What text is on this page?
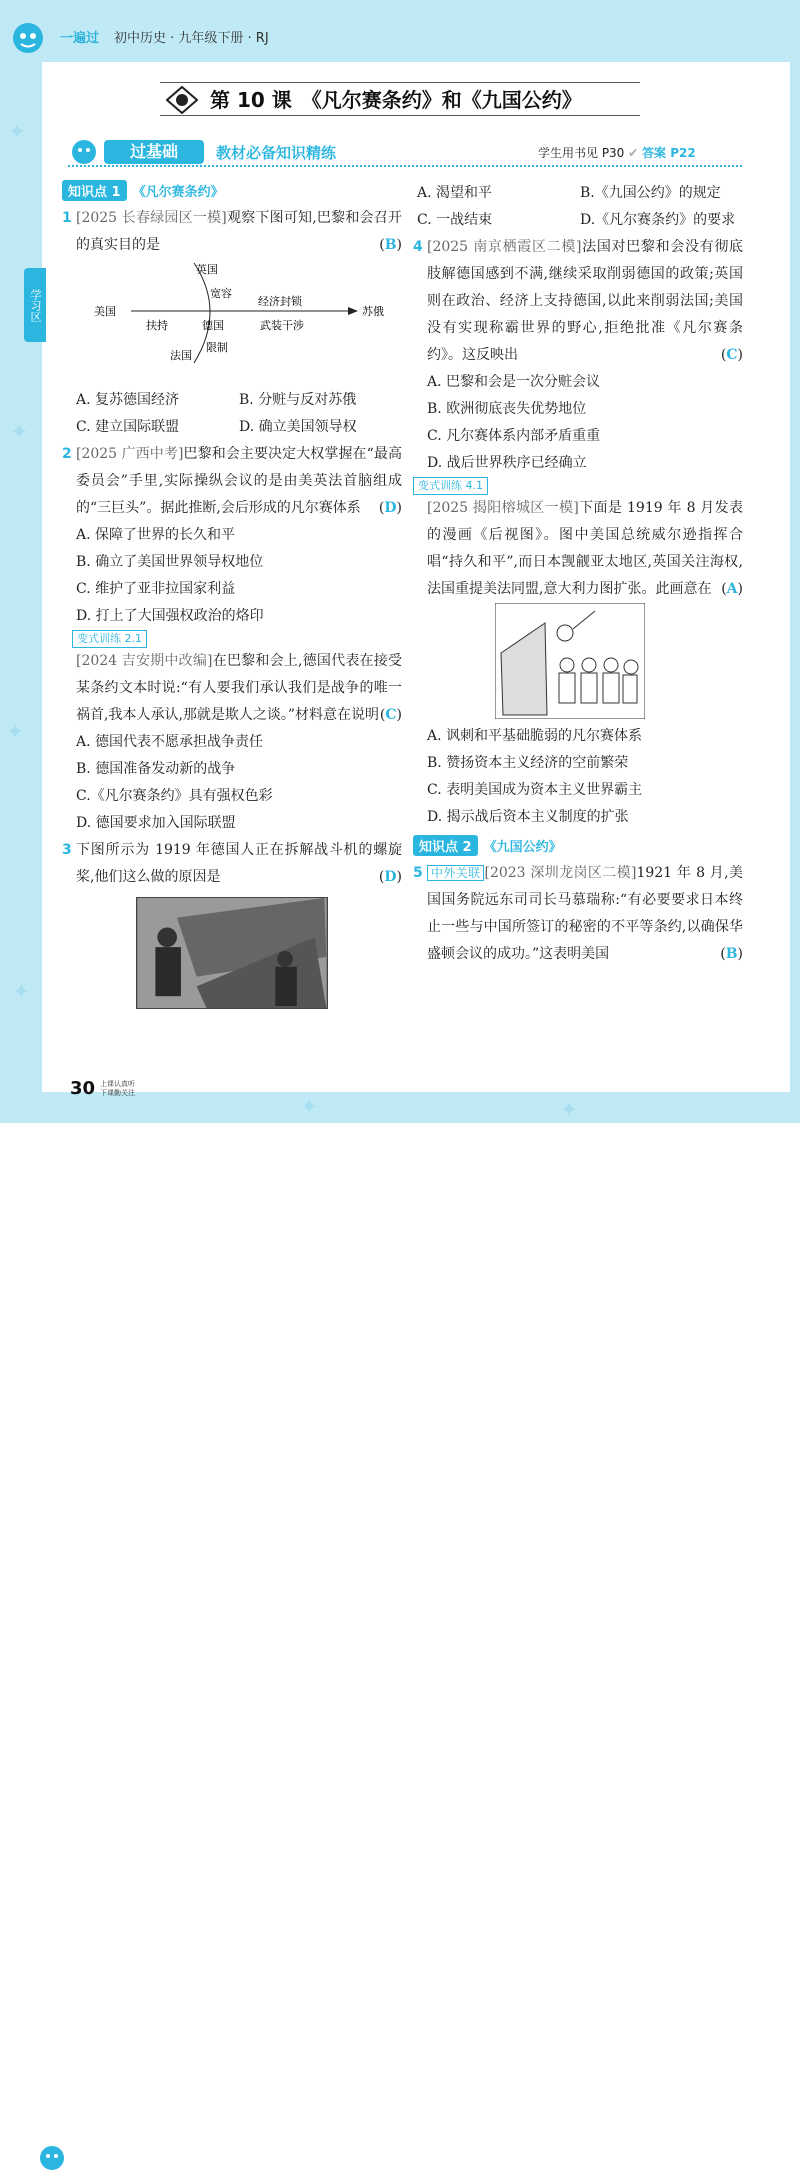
✦
✦
✦
✦
✦	✦
一遍过 初中历史 · 九年级下册 · RJ
第 10 课　《凡尔赛条约》和《九国公约》
过基础	教材必备知识精练	学生用书见 P30 ✔ 答案 P22
学习区
知识点 1 《凡尔赛条约》
1 [2025 长春绿园区一模]观察下图可知,巴黎和会召开的真实目的是	(B)
美国
英国
宽容
扶持	德国
法国
限制
经济封锁
武装干涉
苏俄
A. 复苏德国经济	B. 分赃与反对苏俄
C. 建立国际联盟	D. 确立美国领导权
2 [2025 广西中考]巴黎和会主要决定大权掌握在“最高委员会”手里,实际操纵会议的是由美英法首脑组成的“三巨头”。据此推断,会后形成的凡尔赛体系 (D)
A. 保障了世界的长久和平
B. 确立了美国世界领导权地位
C. 维护了亚非拉国家利益
D. 打上了大国强权政治的烙印
变式训练 2.1
[2024 吉安期中改编]在巴黎和会上,德国代表在接受某条约文本时说:“有人要我们承认我们是战争的唯一祸首,我本人承认,那就是欺人之谈。”材料意在说明 (C)
A. 德国代表不愿承担战争责任
B. 德国准备发动新的战争
C.《凡尔赛条约》具有强权色彩
D. 德国要求加入国际联盟
3 下图所示为 1919 年德国人正在拆解战斗机的螺旋桨,他们这么做的原因是	(D)
A. 渴望和平	B.《九国公约》的规定
C. 一战结束	D.《凡尔赛条约》的要求
4 [2025 南京栖霞区二模]法国对巴黎和会没有彻底肢解德国感到不满,继续采取削弱德国的政策;英国则在政治、经济上支持德国,以此来削弱法国;美国没有实现称霸世界的野心,拒绝批准《凡尔赛条约》。这反映出	(C)
A. 巴黎和会是一次分赃会议
B. 欧洲彻底丧失优势地位
C. 凡尔赛体系内部矛盾重重
D. 战后世界秩序已经确立
变式训练 4.1
[2025 揭阳榕城区一模]下面是 1919 年 8 月发表的漫画《后视图》。图中美国总统威尔逊指挥合唱“持久和平”,而日本觊觎亚太地区,英国关注海权,法国重提美法同盟,意大利力图扩张。此画意在 (A)
A. 讽刺和平基础脆弱的凡尔赛体系
B. 赞扬资本主义经济的空前繁荣
C. 表明美国成为资本主义世界霸主
D. 揭示战后资本主义制度的扩张
知识点 2 《九国公约》
5 中外关联 [2023 深圳龙岗区二模]1921 年 8 月,美国国务院远东司司长马慕瑞称:“有必要要求日本终止一些与中国所签订的秘密的不平等条约,以确保华盛顿会议的成功。”这表明美国	(B)
30 上课认真听 下课勤关注
